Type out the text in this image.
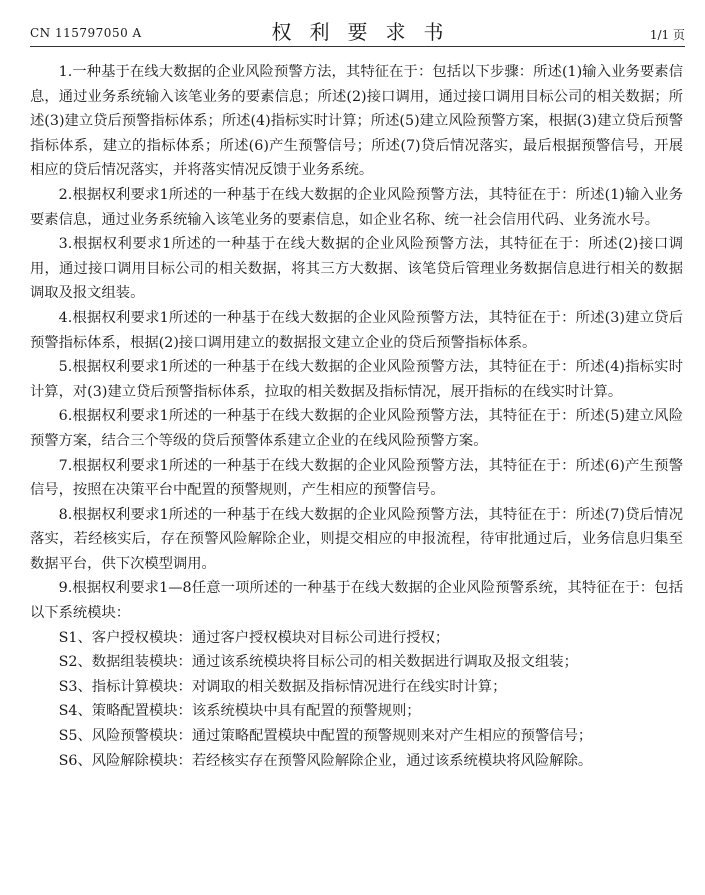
CN 115797050 A	权利要求书	1/1 页

1.一种基于在线大数据的企业风险预警方法，其特征在于：包括以下步骤：所述(1)输入业务要素信息，通过业务系统输入该笔业务的要素信息；所述(2)接口调用，通过接口调用目标公司的相关数据；所述(3)建立贷后预警指标体系；所述(4)指标实时计算；所述(5)建立风险预警方案，根据(3)建立贷后预警指标体系，建立的指标体系；所述(6)产生预警信号；所述(7)贷后情况落实，最后根据预警信号，开展相应的贷后情况落实，并将落实情况反馈于业务系统。

2.根据权利要求1所述的一种基于在线大数据的企业风险预警方法，其特征在于：所述(1)输入业务要素信息，通过业务系统输入该笔业务的要素信息，如企业名称、统一社会信用代码、业务流水号。

3.根据权利要求1所述的一种基于在线大数据的企业风险预警方法，其特征在于：所述(2)接口调用，通过接口调用目标公司的相关数据，将其三方大数据、该笔贷后管理业务数据信息进行相关的数据调取及报文组装。

4.根据权利要求1所述的一种基于在线大数据的企业风险预警方法，其特征在于：所述(3)建立贷后预警指标体系，根据(2)接口调用建立的数据报文建立企业的贷后预警指标体系。

5.根据权利要求1所述的一种基于在线大数据的企业风险预警方法，其特征在于：所述(4)指标实时计算，对(3)建立贷后预警指标体系，拉取的相关数据及指标情况，展开指标的在线实时计算。

6.根据权利要求1所述的一种基于在线大数据的企业风险预警方法，其特征在于：所述(5)建立风险预警方案，结合三个等级的贷后预警体系建立企业的在线风险预警方案。

7.根据权利要求1所述的一种基于在线大数据的企业风险预警方法，其特征在于：所述(6)产生预警信号，按照在决策平台中配置的预警规则，产生相应的预警信号。

8.根据权利要求1所述的一种基于在线大数据的企业风险预警方法，其特征在于：所述(7)贷后情况落实，若经核实后，存在预警风险解除企业，则提交相应的申报流程，待审批通过后，业务信息归集至数据平台，供下次模型调用。

9.根据权利要求1—8任意一项所述的一种基于在线大数据的企业风险预警系统，其特征在于：包括以下系统模块：

S1、客户授权模块：通过客户授权模块对目标公司进行授权；

S2、数据组装模块：通过该系统模块将目标公司的相关数据进行调取及报文组装；

S3、指标计算模块：对调取的相关数据及指标情况进行在线实时计算；

S4、策略配置模块：该系统模块中具有配置的预警规则；

S5、风险预警模块：通过策略配置模块中配置的预警规则来对产生相应的预警信号；

S6、风险解除模块：若经核实存在预警风险解除企业，通过该系统模块将风险解除。
